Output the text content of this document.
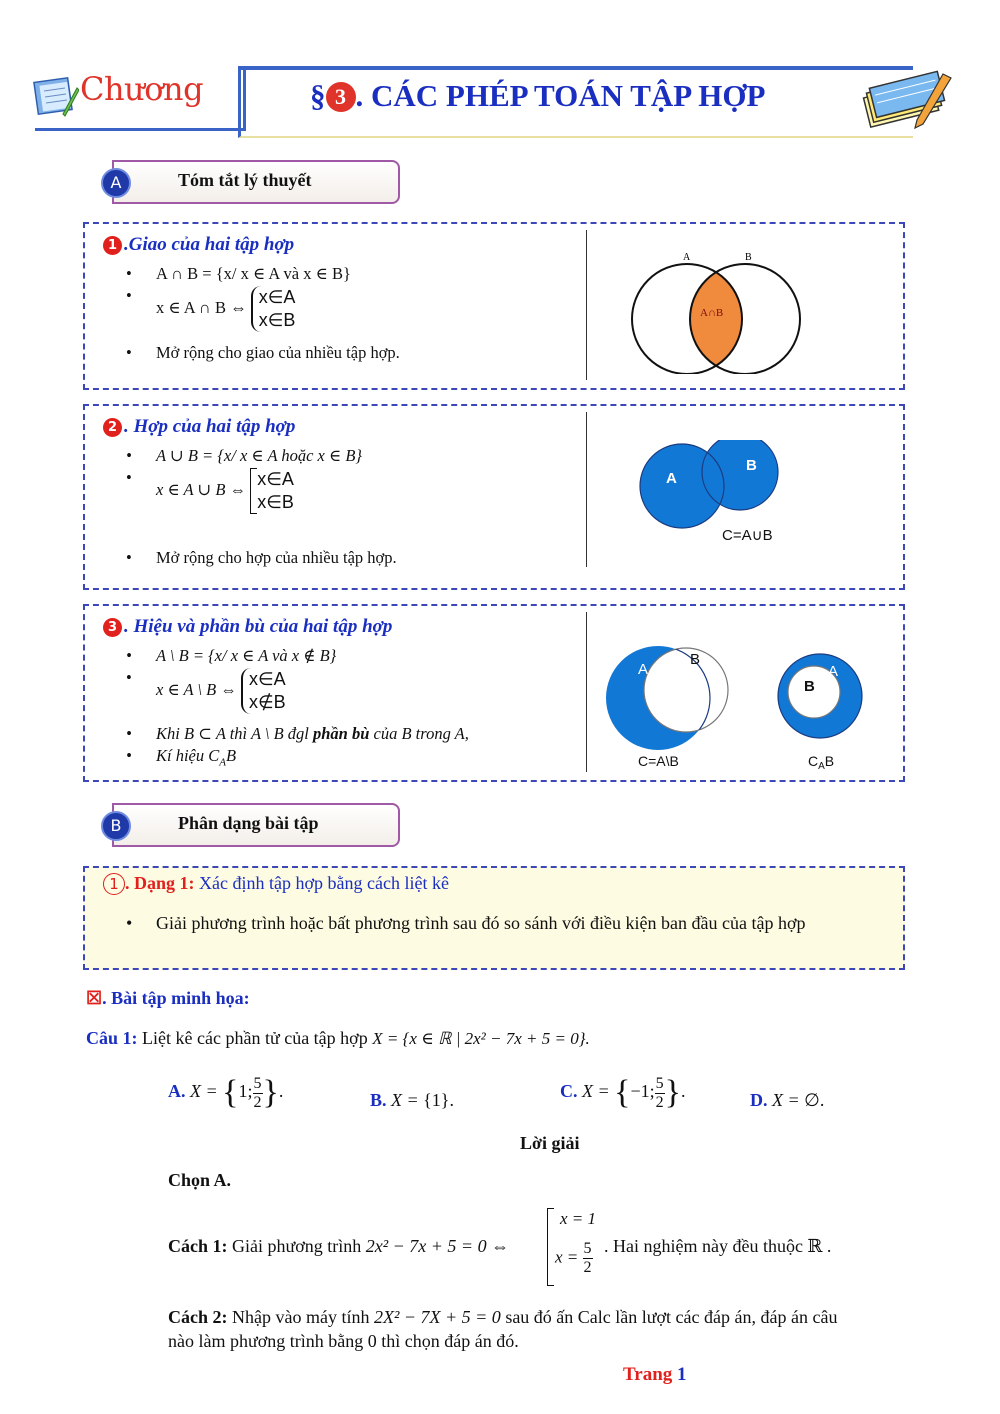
Chương	§ 3 . CÁC PHÉP TOÁN TẬP HỢP
A	Tóm tắt lý thuyết
1 .Giao của hai tập hợp
• A ∩ B = {x/ x ∈ A và x ∈ B}
• x ∈ A ∩ B ⇔
x∈A
x∈B
• Mở rộng cho giao của nhiều tập hợp.
A	B
A∩B
2 . Hợp của hai tập hợp
• A ∪ B = {x/ x ∈ A hoặc x ∈ B}
• x ∈ A ∪ B ⇔
x∈A
x∈B
• Mở rộng cho hợp của nhiều tập hợp.
A
B
C=A∪B
3 . Hiệu và phần bù của hai tập hợp
• A \ B = {x/ x ∈ A và x ∉ B}
• x ∈ A \ B ⇔
x∈A
x∉B
• Khi B ⊂ A thì A \ B đgl phần bù của B trong A,
• Kí hiệu $C_AB$
A
B
C=A\B
A
B
$C_AB$
B	Phân dạng bài tập
1 . Dạng 1: Xác định tập hợp bằng cách liệt kê
• Giải phương trình hoặc bất phương trình sau đó so sánh với điều kiện ban đầu của tập hợp
☒. Bài tập minh họa:
Câu 1: Liệt kê các phần tử của tập hợp X = {x ∈ ℝ | 2x² − 7x + 5 = 0}.
A. X = {1; $\frac{5}{2}$ }.	B. X = {1}.	C. X = {−1; $\frac{5}{2}$ }.	D. X = ∅.
Lời giải
Chọn A.
Cách 1: Giải phương trình 2x² − 7x + 5 = 0 ⇔
x = 1
$x = \frac{5}{2}$ . Hai nghiệm này đều thuộc ℝ .
Cách 2: Nhập vào máy tính 2X² − 7X + 5 = 0 sau đó ấn Calc lần lượt các đáp án, đáp án câu
nào làm phương trình bằng 0 thì chọn đáp án đó.
Trang 1
